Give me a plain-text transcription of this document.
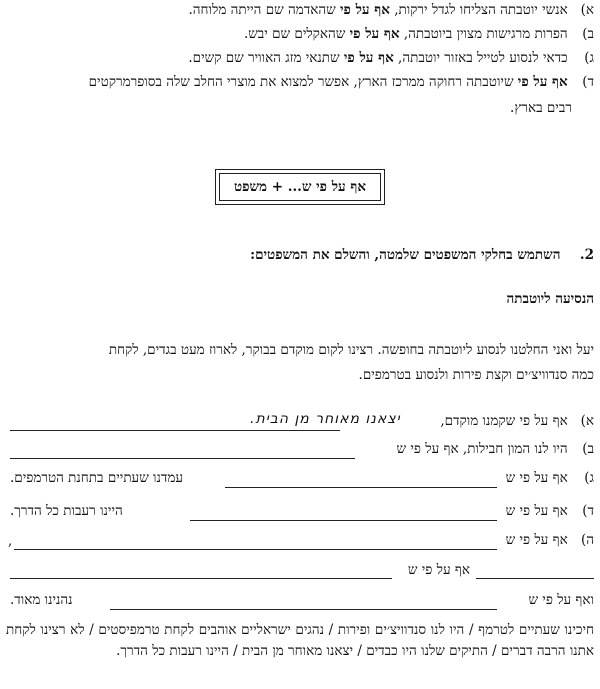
א) אנשי יוטבתה הצליחו לגדל ירקות, אף על פי שהאדמה שם הייתה מלוחה.
ב) הפרות מרגישות מצוין ביוטבתה, אף על פי שהאקלים שם יבש.
ג) כדאי לנסוע לטייל באזור יוטבתה, אף על פי שתנאי מזג האוויר שם קשים.
ד) אף על פי שיוטבתה רחוקה ממרכז הארץ, אפשר למצוא את מוצרי החלב שלה בסופרמרקטים
רבים בארץ.
אף על פי ש... + משפט
2.  השתמש בחלקי המשפטים שלמטה, והשלם את המשפטים:
הנסיעה ליוטבתה
יעל ואני החלטנו לנסוע ליוטבתה בחופשה. רצינו לקום מוקדם בבוקר, לארוז מעט בגדים, לקחת
כמה סנדוויצ׳ים וקצת פירות ולנסוע בטרמפים.
א) אף על פי שקמנו מוקדם,
יצאנו מאוחר מן הבית.
ב) היו לנו המון חבילות, אף על פי ש
ג) אף על פי ש
עמדנו שעתיים בתחנת הטרמפים.
ד) אף על פי ש
היינו רעבות כל הדרך.
ה) אף על פי ש
,
אף על פי ש
ואף על פי ש
נהנינו מאוד.
חיכינו שעתיים לטרמף / היו לנו סנדוויצ׳ים ופירות / נהגים ישראליים אוהבים לקחת טרמפיסטים / לא רצינו לקחת אתנו הרבה דברים / התיקים שלנו היו כבדים / יצאנו מאוחר מן הבית / היינו רעבות כל הדרך.
